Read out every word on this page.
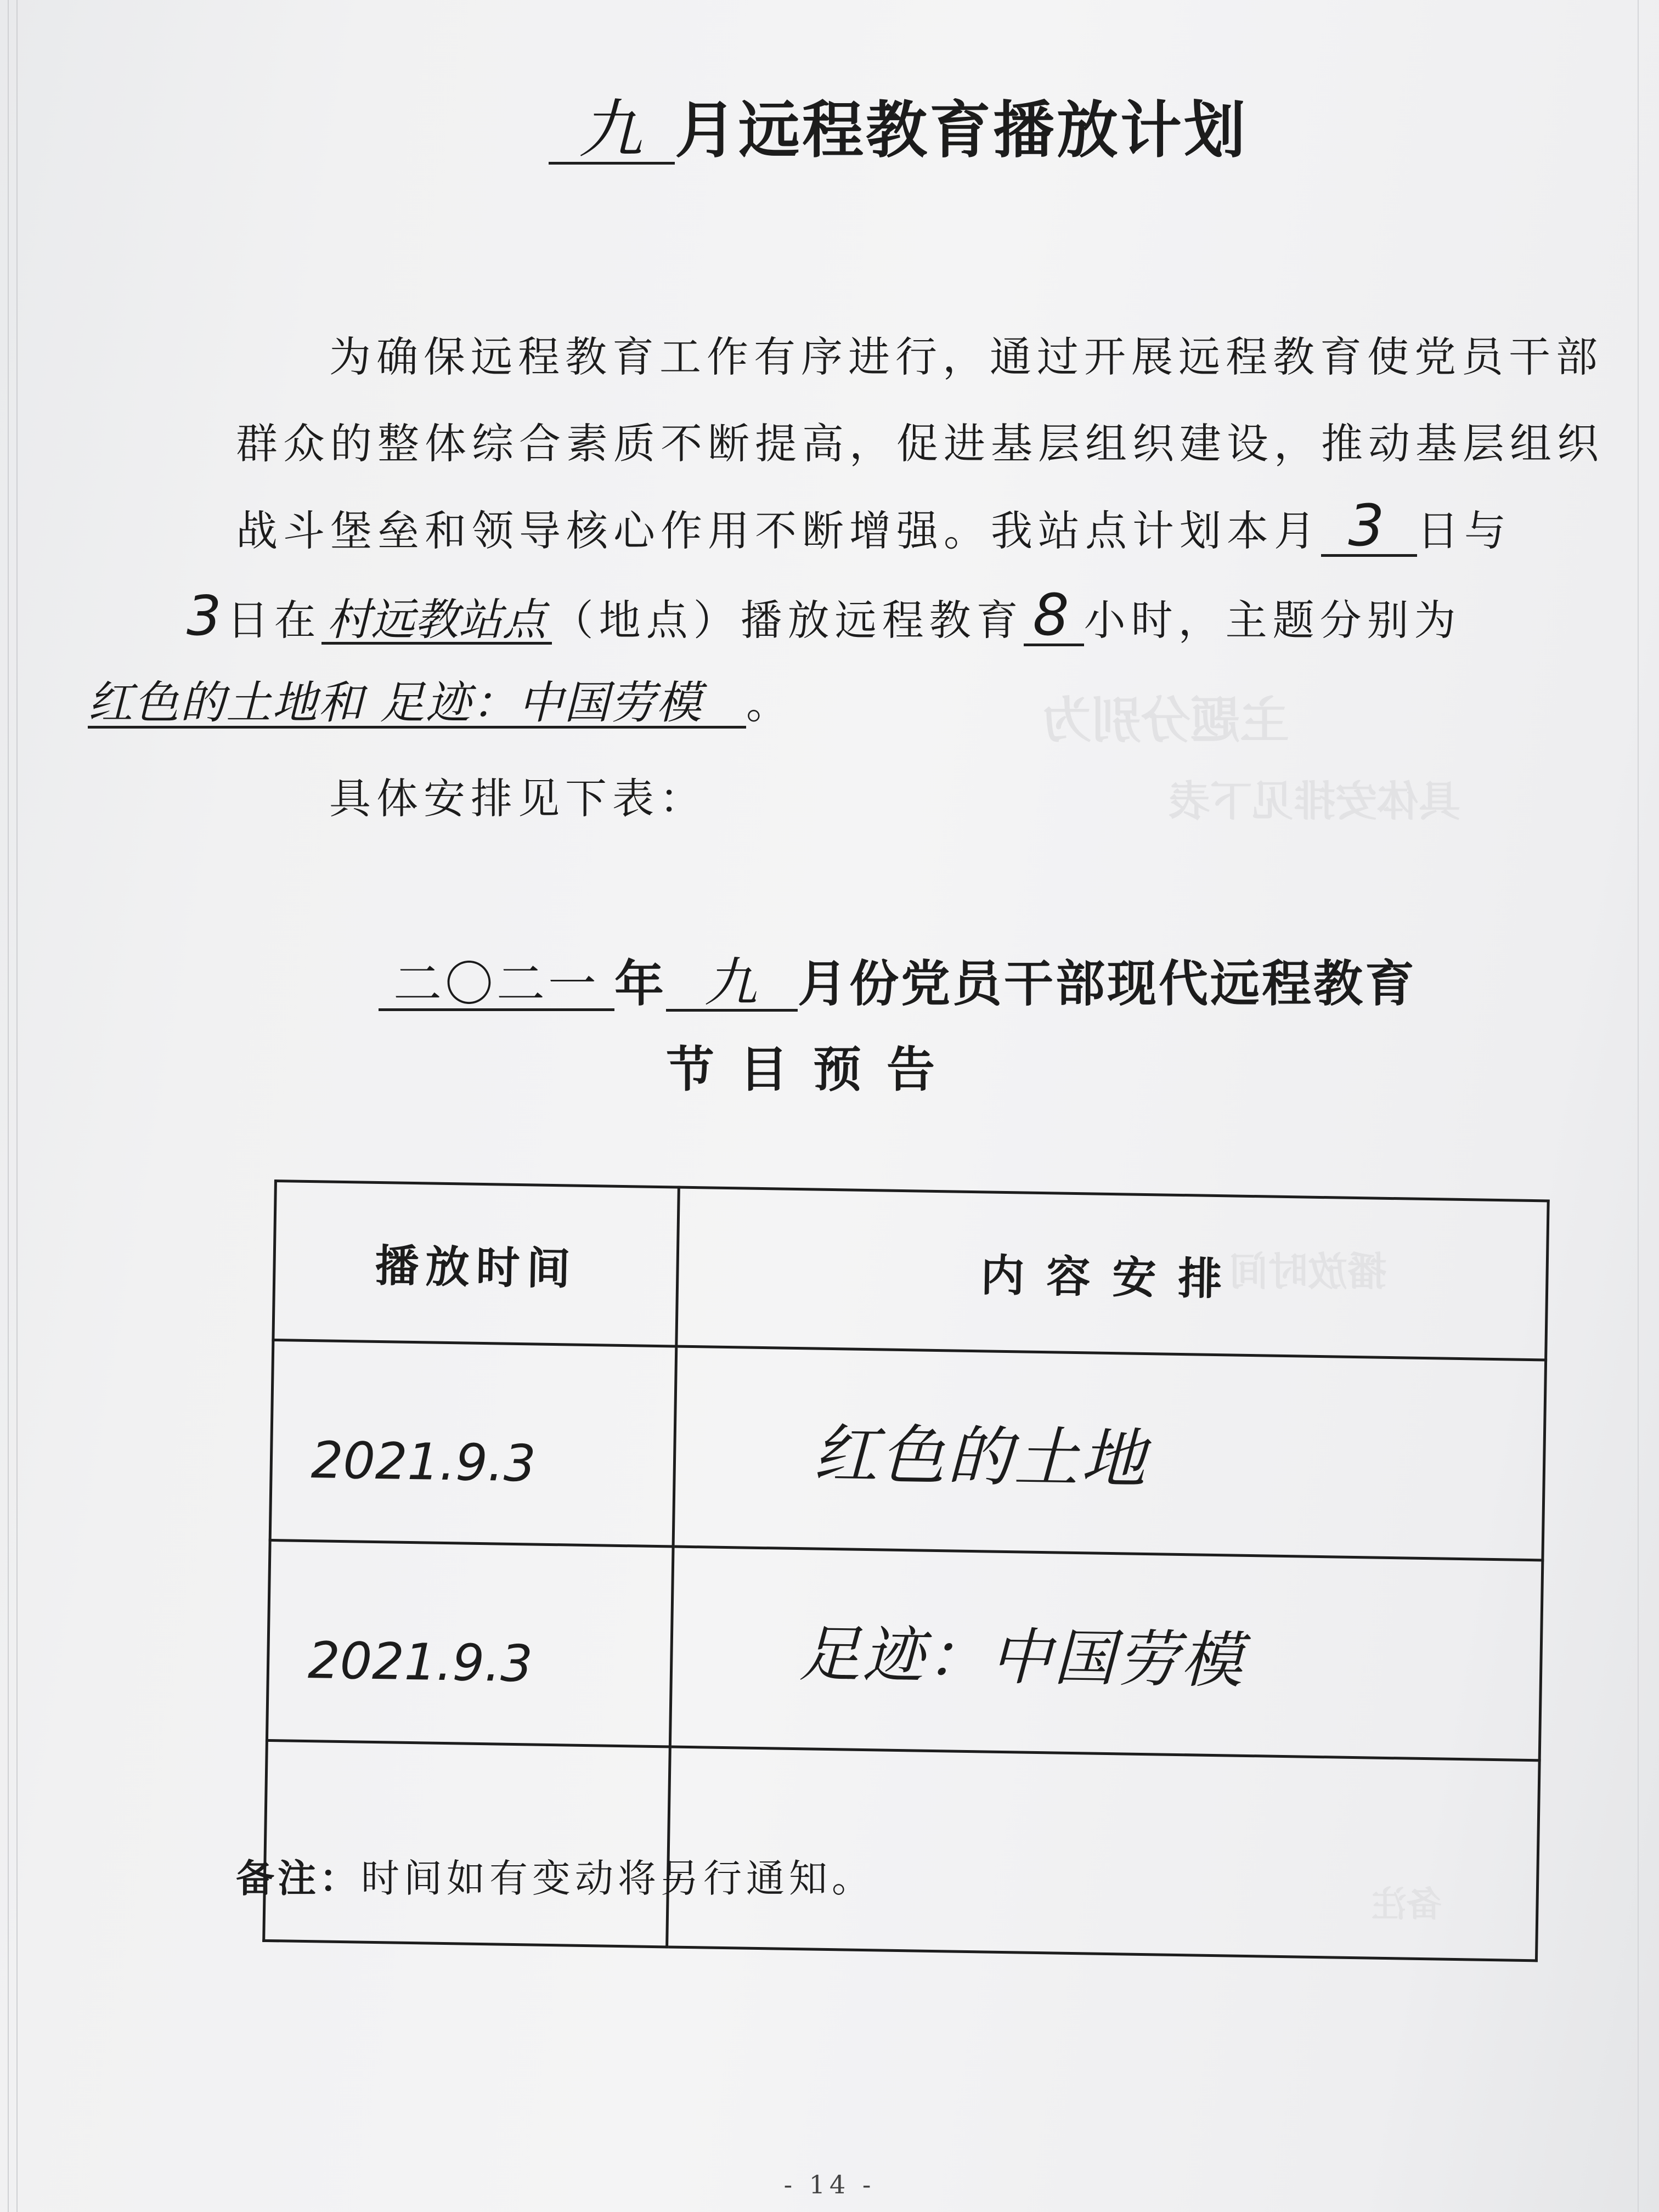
主题分别为
具体安排见下表
播放时间
备注
九 月远程教育播放计划
为确保远程教育工作有序进行，通过开展远程教育使党员干部
群众的整体综合素质不断提高，促进基层组织建设，推动基层组织
战斗堡垒和领导核心作用不断增强。我站点计划本月 3 日与
3日在 村远教站点 （地点）播放远程教育 8 小时，主题分别为
红色的土地和 足迹：中国劳模 。
具体安排见下表：
二〇二一 年 九 月份党员干部现代远程教育
节目预告
播放时间	内容安排
2021.9.3	红色的土地
2021.9.3	足迹：中国劳模

备注：时间如有变动将另行通知。
- 14 -
